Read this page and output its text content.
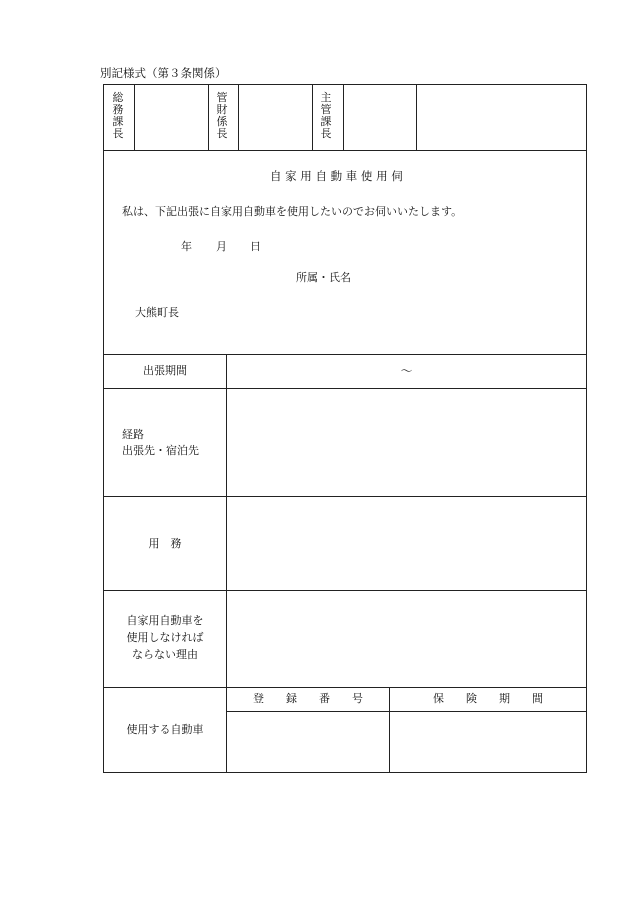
別記様式（第３条関係）
総務課長
管財係長
主管課長
自 家 用 自 動 車 使 用 伺
私は、下記出張に自家用自動車を使用したいのでお伺いいたします。
年 月 日
所属・氏名
大熊町長
出張期間	～
経路
出張先・宿泊先
用　務
自家用自動車を
使用しなければ
ならない理由
使用する自動車
登　　録　　番　　号	保　　険　　期　　間
